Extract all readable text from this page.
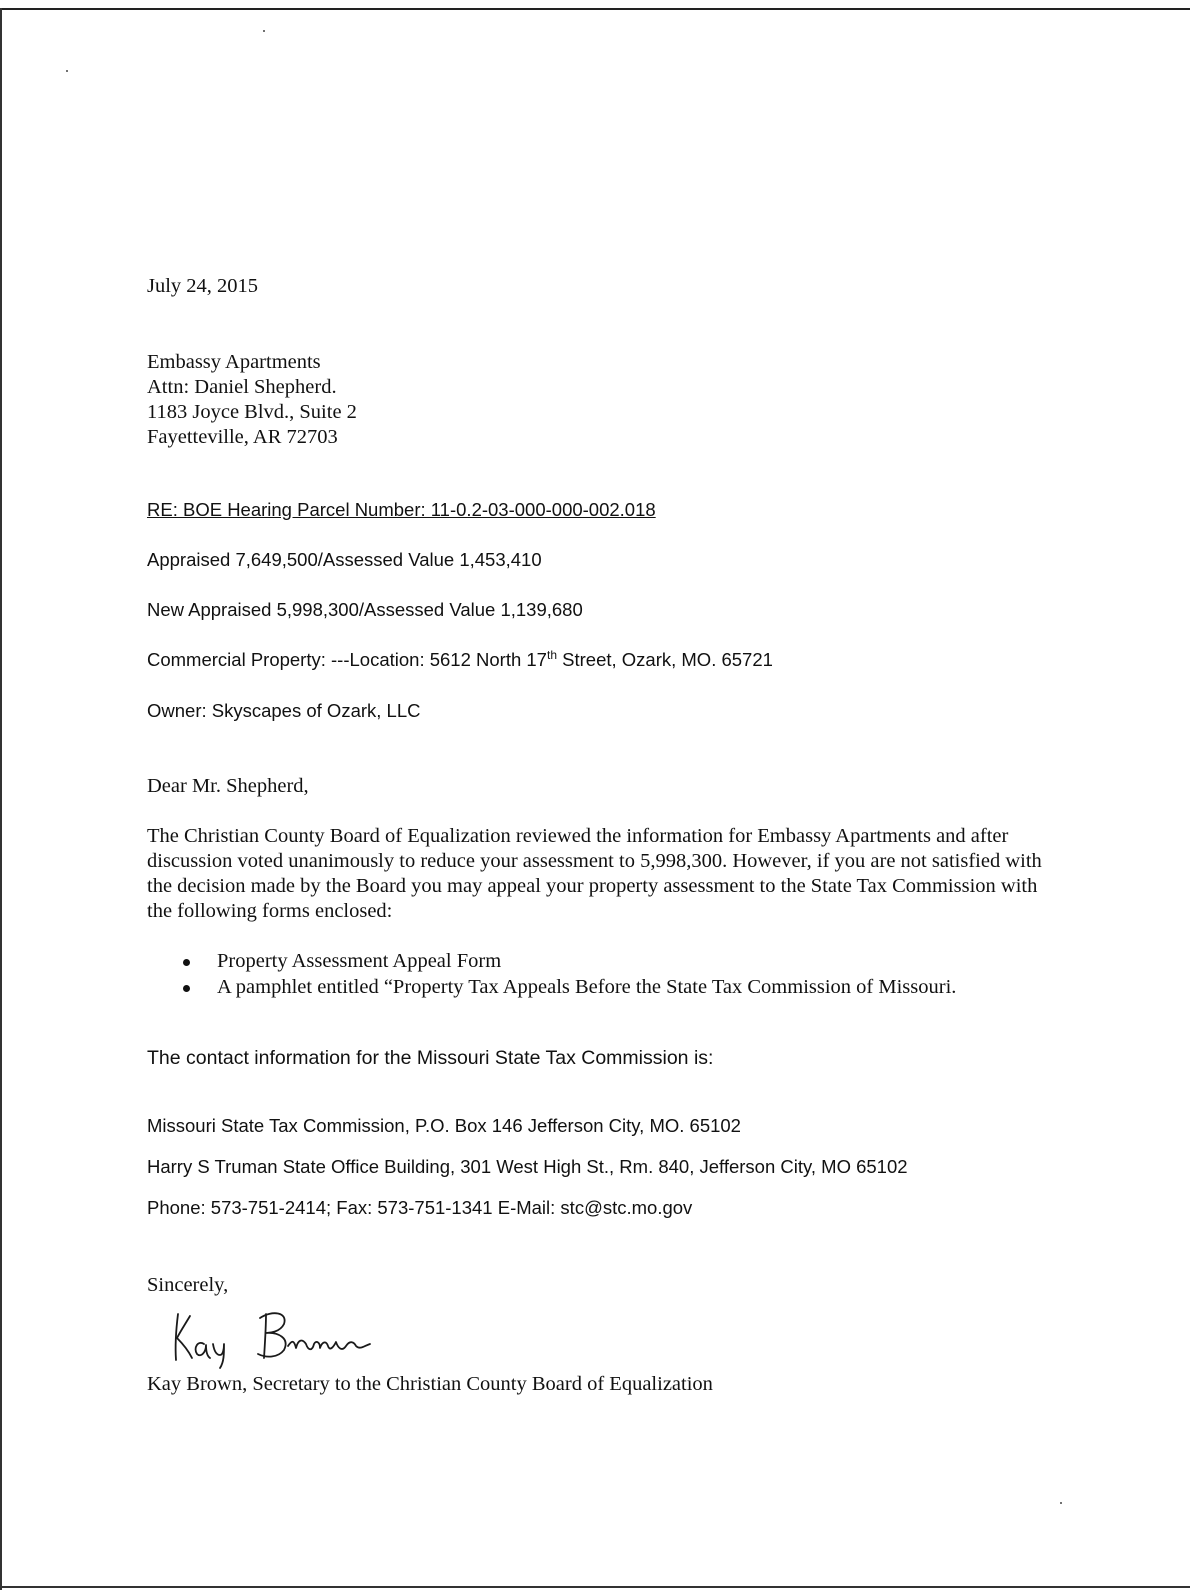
July 24, 2015
Embassy Apartments
Attn: Daniel Shepherd.
1183 Joyce Blvd., Suite 2
Fayetteville, AR 72703
RE: BOE Hearing Parcel Number: 11-0.2-03-000-000-002.018
Appraised 7,649,500/Assessed Value 1,453,410
New Appraised 5,998,300/Assessed Value 1,139,680
Commercial Property: ---Location: 5612 North 17th Street, Ozark, MO. 65721
Owner: Skyscapes of Ozark, LLC
Dear Mr. Shepherd,
The Christian County Board of Equalization reviewed the information for Embassy Apartments and after discussion voted unanimously to reduce your assessment to 5,998,300. However, if you are not satisfied with the decision made by the Board you may appeal your property assessment to the State Tax Commission with the following forms enclosed:
Property Assessment Appeal Form
A pamphlet entitled “Property Tax Appeals Before the State Tax Commission of Missouri.
The contact information for the Missouri State Tax Commission is:
Missouri State Tax Commission, P.O. Box 146 Jefferson City, MO. 65102
Harry S Truman State Office Building, 301 West High St., Rm. 840, Jefferson City, MO 65102
Phone: 573-751-2414; Fax: 573-751-1341 E-Mail: stc@stc.mo.gov
Sincerely,
Kay Brown, Secretary to the Christian County Board of Equalization
